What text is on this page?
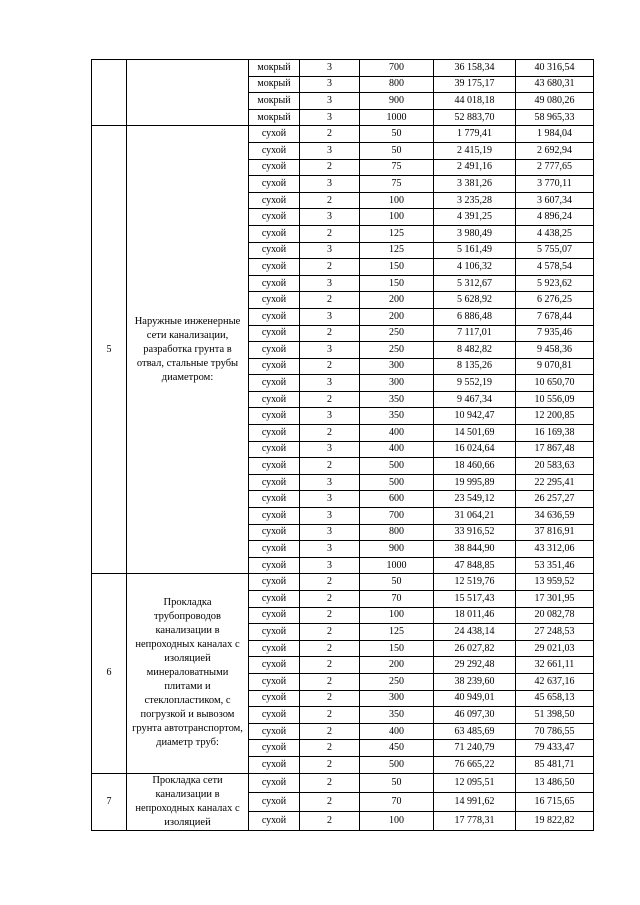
		мокрый	3	700	36 158,34	40 316,54
		мокрый	3	800	39 175,17	43 680,31
		мокрый	3	900	44 018,18	49 080,26
		мокрый	3	1000	52 883,70	58 965,33
5	Наружные инженерные сети канализации, разработка грунта в отвал, стальные трубы диаметром:	сухой	2	50	1 779,41	1 984,04
		сухой	3	50	2 415,19	2 692,94
		сухой	2	75	2 491,16	2 777,65
		сухой	3	75	3 381,26	3 770,11
		сухой	2	100	3 235,28	3 607,34
		сухой	3	100	4 391,25	4 896,24
		сухой	2	125	3 980,49	4 438,25
		сухой	3	125	5 161,49	5 755,07
		сухой	2	150	4 106,32	4 578,54
		сухой	3	150	5 312,67	5 923,62
		сухой	2	200	5 628,92	6 276,25
		сухой	3	200	6 886,48	7 678,44
		сухой	2	250	7 117,01	7 935,46
		сухой	3	250	8 482,82	9 458,36
		сухой	2	300	8 135,26	9 070,81
		сухой	3	300	9 552,19	10 650,70
		сухой	2	350	9 467,34	10 556,09
		сухой	3	350	10 942,47	12 200,85
		сухой	2	400	14 501,69	16 169,38
		сухой	3	400	16 024,64	17 867,48
		сухой	2	500	18 460,66	20 583,63
		сухой	3	500	19 995,89	22 295,41
		сухой	3	600	23 549,12	26 257,27
		сухой	3	700	31 064,21	34 636,59
		сухой	3	800	33 916,52	37 816,91
		сухой	3	900	38 844,90	43 312,06
		сухой	3	1000	47 848,85	53 351,46
6	Прокладка трубопроводов канализации в непроходных каналах с изоляцией минераловатными плитами и стеклопластиком, с погрузкой и вывозом грунта автотранспортом, диаметр труб:	сухой	2	50	12 519,76	13 959,52
		сухой	2	70	15 517,43	17 301,95
		сухой	2	100	18 011,46	20 082,78
		сухой	2	125	24 438,14	27 248,53
		сухой	2	150	26 027,82	29 021,03
		сухой	2	200	29 292,48	32 661,11
		сухой	2	250	38 239,60	42 637,16
		сухой	2	300	40 949,01	45 658,13
		сухой	2	350	46 097,30	51 398,50
		сухой	2	400	63 485,69	70 786,55
		сухой	2	450	71 240,79	79 433,47
		сухой	2	500	76 665,22	85 481,71
7	Прокладка сети канализации в непроходных каналах с изоляцией	сухой	2	50	12 095,51	13 486,50
		сухой	2	70	14 991,62	16 715,65
		сухой	2	100	17 778,31	19 822,82
